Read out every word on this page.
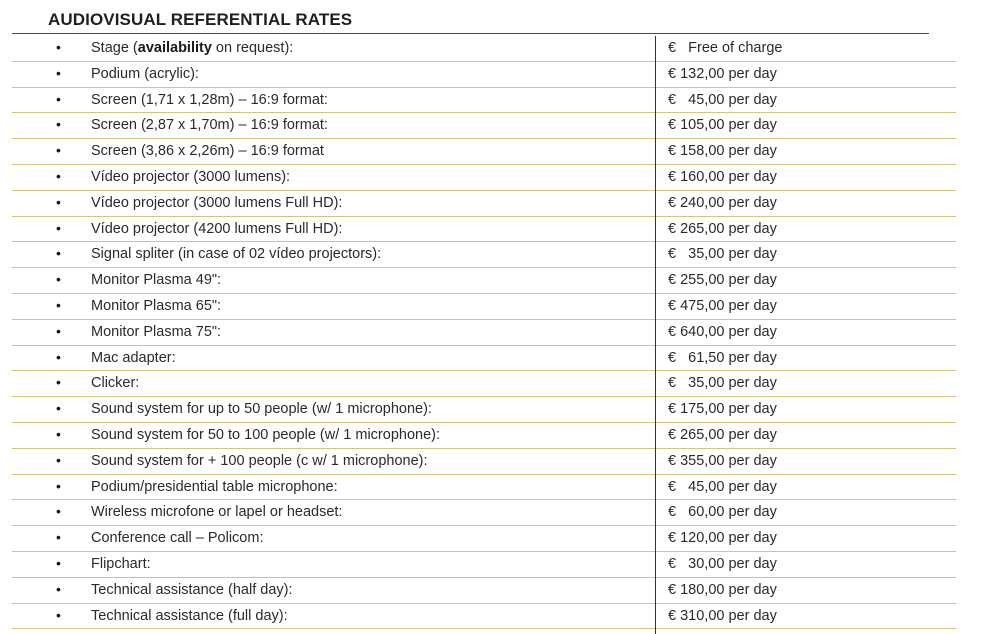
AUDIOVISUAL REFERENTIAL RATES
• Stage (availability on request):	€   Free of charge
• Podium (acrylic):	€ 132,00 per day
• Screen (1,71 x 1,28m) – 16:9 format:	€   45,00 per day
• Screen (2,87 x 1,70m) – 16:9 format:	€ 105,00 per day
• Screen (3,86 x 2,26m) – 16:9 format	€ 158,00 per day
• Vídeo projector (3000 lumens):	€ 160,00 per day
• Vídeo projector (3000 lumens Full HD):	€ 240,00 per day
• Vídeo projector (4200 lumens Full HD):	€ 265,00 per day
• Signal spliter (in case of 02 vídeo projectors):	€   35,00 per day
• Monitor Plasma 49":	€ 255,00 per day
• Monitor Plasma 65":	€ 475,00 per day
• Monitor Plasma 75":	€ 640,00 per day
• Mac adapter:	€   61,50 per day
• Clicker:	€   35,00 per day
• Sound system for up to 50 people (w/ 1 microphone):	€ 175,00 per day
• Sound system for 50 to 100 people (w/ 1 microphone):	€ 265,00 per day
• Sound system for + 100 people (c w/ 1 microphone):	€ 355,00 per day
• Podium/presidential table microphone:	€   45,00 per day
• Wireless microfone or lapel or headset:	€   60,00 per day
• Conference call – Policom:	€ 120,00 per day
• Flipchart:	€   30,00 per day
• Technical assistance (half day):	€ 180,00 per day
• Technical assistance (full day):	€ 310,00 per day
